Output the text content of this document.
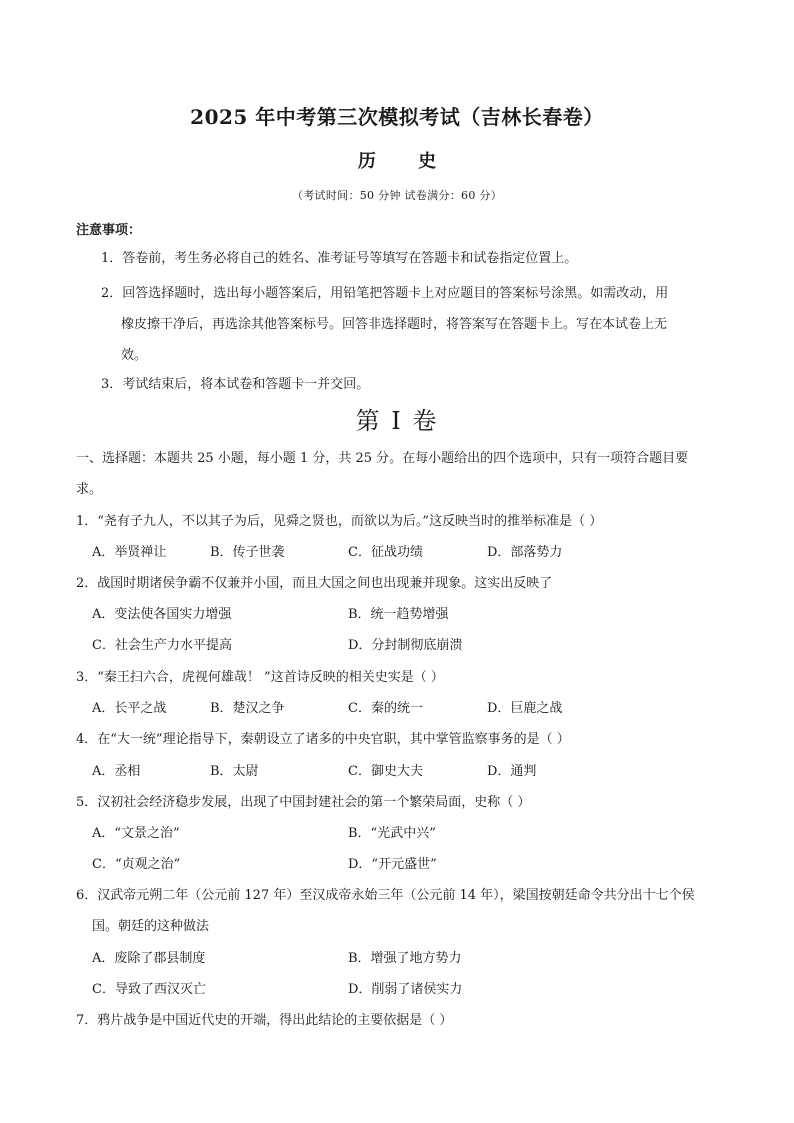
2025 年中考第三次模拟考试（吉林长春卷）
历 史
（考试时间：50 分钟 试卷满分：60 分）
注意事项：
1．答卷前，考生务必将自己的姓名、准考证号等填写在答题卡和试卷指定位置上。
2．回答选择题时，选出每小题答案后，用铅笔把答题卡上对应题目的答案标号涂黑。如需改动，用
橡皮擦干净后，再选涂其他答案标号。回答非选择题时，将答案写在答题卡上。写在本试卷上无
效。
3．考试结束后，将本试卷和答题卡一并交回。
第 I 卷
一、选择题：本题共 25 小题，每小题 1 分，共 25 分。在每小题给出的四个选项中，只有一项符合题目要
求。
1．“尧有子九人，不以其子为后，见舜之贤也，而欲以为后。”这反映当时的推举标准是（ ）
A．举贤禅让	B．传子世袭	C．征战功绩	D．部落势力
2．战国时期诸侯争霸不仅兼并小国，而且大国之间也出现兼并现象。这实出反映了
A．变法使各国实力增强	B．统一趋势增强
C．社会生产力水平提高	D．分封制彻底崩溃
3．“秦王扫六合，虎视何雄哉！ ”这首诗反映的相关史实是（ ）
A．长平之战	B．楚汉之争	C．秦的统一	D．巨鹿之战
4．在“大一统”理论指导下，秦朝设立了诸多的中央官职，其中掌管监察事务的是（ ）
A．丞相	B．太尉	C．御史大夫	D．通判
5．汉初社会经济稳步发展，出现了中国封建社会的第一个繁荣局面，史称（ ）
A．“文景之治”	B．“光武中兴”
C．“贞观之治”	D．“开元盛世”
6．汉武帝元朔二年（公元前 127 年）至汉成帝永始三年（公元前 14 年），梁国按朝廷命令共分出十七个侯
国。朝廷的这种做法
A．废除了郡县制度	B．增强了地方势力
C．导致了西汉灭亡	D．削弱了诸侯实力
7．鸦片战争是中国近代史的开端，得出此结论的主要依据是（ ）
